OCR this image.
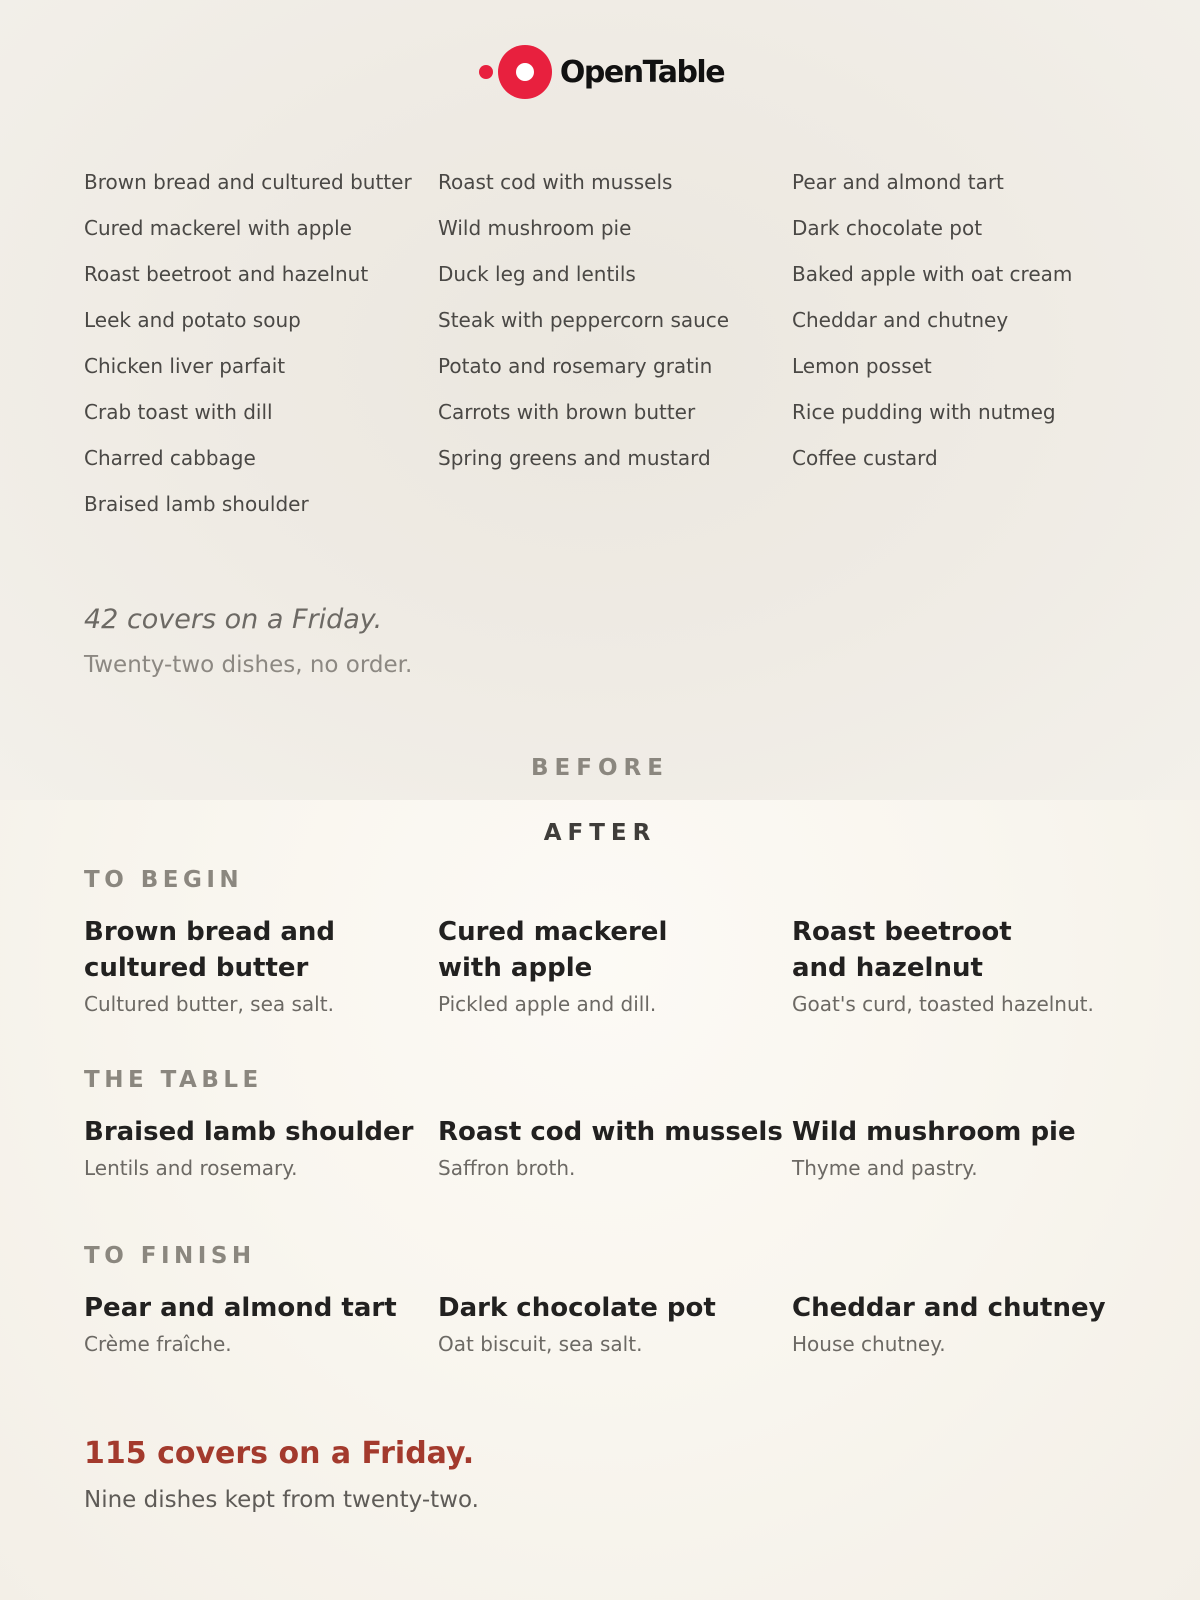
OpenTable
Brown bread and cultured butter
Cured mackerel with apple
Roast beetroot and hazelnut
Leek and potato soup
Chicken liver parfait
Crab toast with dill
Charred cabbage
Braised lamb shoulder
Roast cod with mussels
Wild mushroom pie
Duck leg and lentils
Steak with peppercorn sauce
Potato and rosemary gratin
Carrots with brown butter
Spring greens and mustard
Pear and almond tart
Dark chocolate pot
Baked apple with oat cream
Cheddar and chutney
Lemon posset
Rice pudding with nutmeg
Coffee custard
42 covers on a Friday.
Twenty-two dishes, no order.
BEFORE
AFTER
TO BEGIN
Brown bread and
cultured butter
Cultured butter, sea salt.
Cured mackerel
with apple
Pickled apple and dill.
Roast beetroot
and hazelnut
Goat's curd, toasted hazelnut.
THE TABLE
Braised lamb shoulder
Lentils and rosemary.
Roast cod with mussels
Saffron broth.
Wild mushroom pie
Thyme and pastry.
TO FINISH
Pear and almond tart
Crème fraîche.
Dark chocolate pot
Oat biscuit, sea salt.
Cheddar and chutney
House chutney.
115 covers on a Friday.
Nine dishes kept from twenty-two.
